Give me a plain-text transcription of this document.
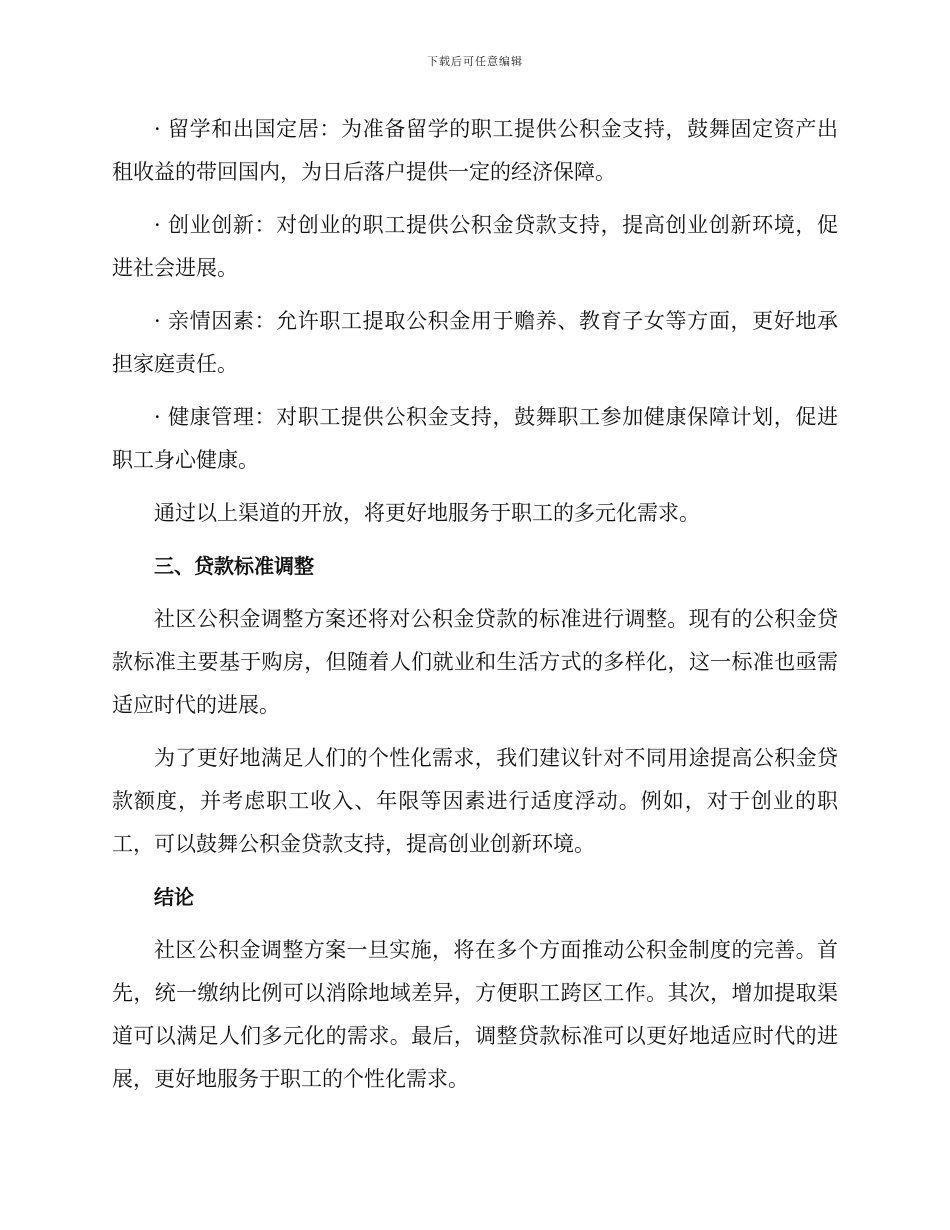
下载后可任意编辑

· 留学和出国定居：为准备留学的职工提供公积金支持，鼓舞固定资产出租收益的带回国内，为日后落户提供一定的经济保障。

· 创业创新：对创业的职工提供公积金贷款支持，提高创业创新环境，促进社会进展。

· 亲情因素：允许职工提取公积金用于赡养、教育子女等方面，更好地承担家庭责任。

· 健康管理：对职工提供公积金支持，鼓舞职工参加健康保障计划，促进职工身心健康。

通过以上渠道的开放，将更好地服务于职工的多元化需求。

三、贷款标准调整

社区公积金调整方案还将对公积金贷款的标准进行调整。现有的公积金贷款标准主要基于购房，但随着人们就业和生活方式的多样化，这一标准也亟需适应时代的进展。

为了更好地满足人们的个性化需求，我们建议针对不同用途提高公积金贷款额度，并考虑职工收入、年限等因素进行适度浮动。例如，对于创业的职工，可以鼓舞公积金贷款支持，提高创业创新环境。

结论

社区公积金调整方案一旦实施，将在多个方面推动公积金制度的完善。首先，统一缴纳比例可以消除地域差异，方便职工跨区工作。其次，增加提取渠道可以满足人们多元化的需求。最后，调整贷款标准可以更好地适应时代的进展，更好地服务于职工的个性化需求。
